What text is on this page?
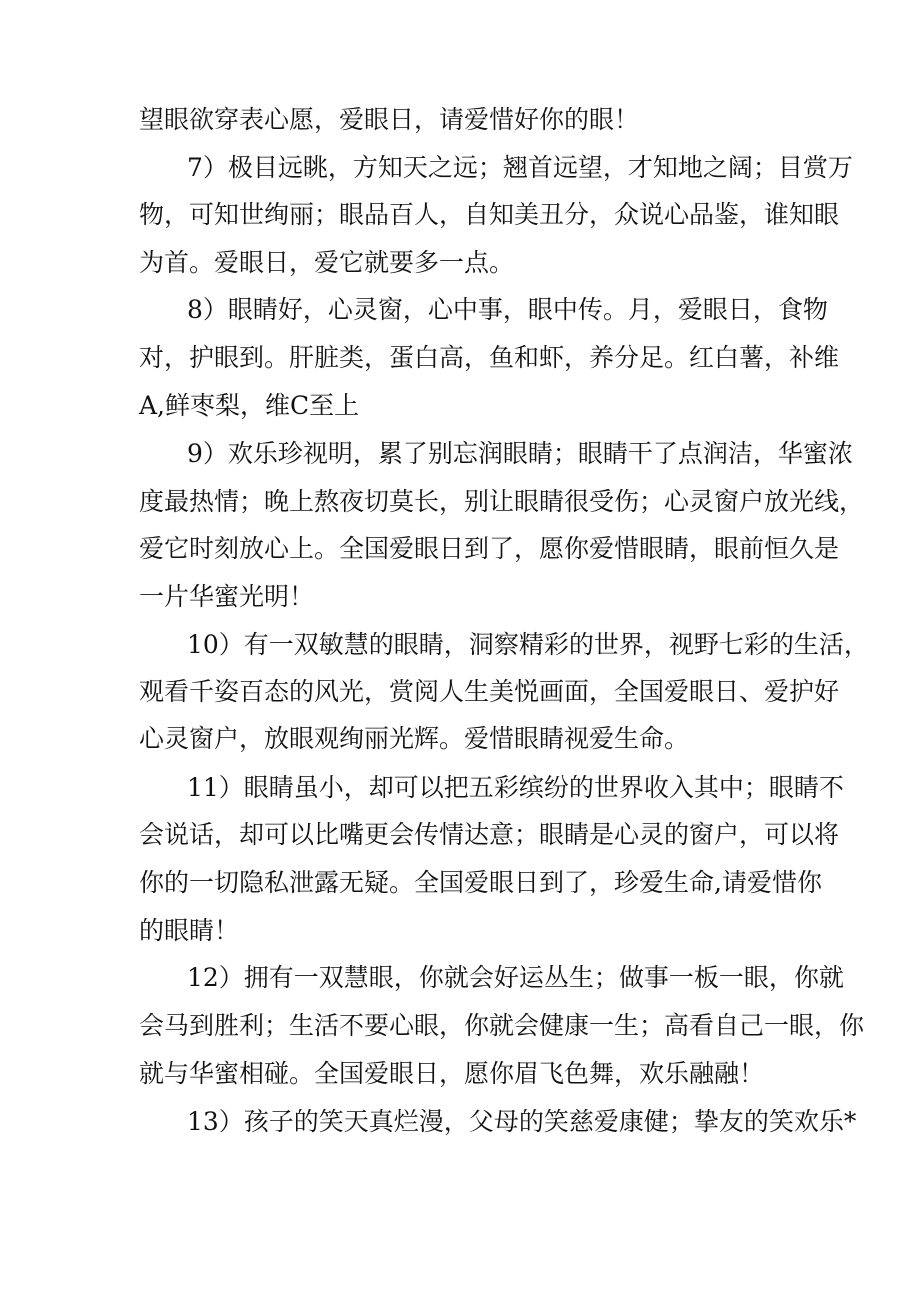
望眼欲穿表心愿，爱眼日，请爱惜好你的眼！
7）极目远眺，方知天之远；翘首远望，才知地之阔；目赏万
物，可知世绚丽；眼品百人，自知美丑分，众说心品鉴，谁知眼
为首。爱眼日，爱它就要多一点。
8）眼睛好，心灵窗，心中事，眼中传。月，爱眼日，食物
对，护眼到。肝脏类，蛋白高，鱼和虾，养分足。红白薯，补维
A,鲜枣梨，维C至上
9）欢乐珍视明，累了别忘润眼睛；眼睛干了点润洁，华蜜浓
度最热情；晚上熬夜切莫长，别让眼睛很受伤；心灵窗户放光线，
爱它时刻放心上。全国爱眼日到了，愿你爱惜眼睛，眼前恒久是
一片华蜜光明！
10）有一双敏慧的眼睛，洞察精彩的世界，视野七彩的生活，
观看千姿百态的风光，赏阅人生美悦画面，全国爱眼日、爱护好
心灵窗户，放眼观绚丽光辉。爱惜眼睛视爱生命。
11）眼睛虽小，却可以把五彩缤纷的世界收入其中；眼睛不
会说话，却可以比嘴更会传情达意；眼睛是心灵的窗户，可以将
你的一切隐私泄露无疑。全国爱眼日到了，珍爱生命,请爱惜你
的眼睛！
12）拥有一双慧眼，你就会好运丛生；做事一板一眼，你就
会马到胜利；生活不要心眼，你就会健康一生；高看自己一眼，你
就与华蜜相碰。全国爱眼日，愿你眉飞色舞，欢乐融融！
13）孩子的笑天真烂漫，父母的笑慈爱康健；挚友的笑欢乐*
